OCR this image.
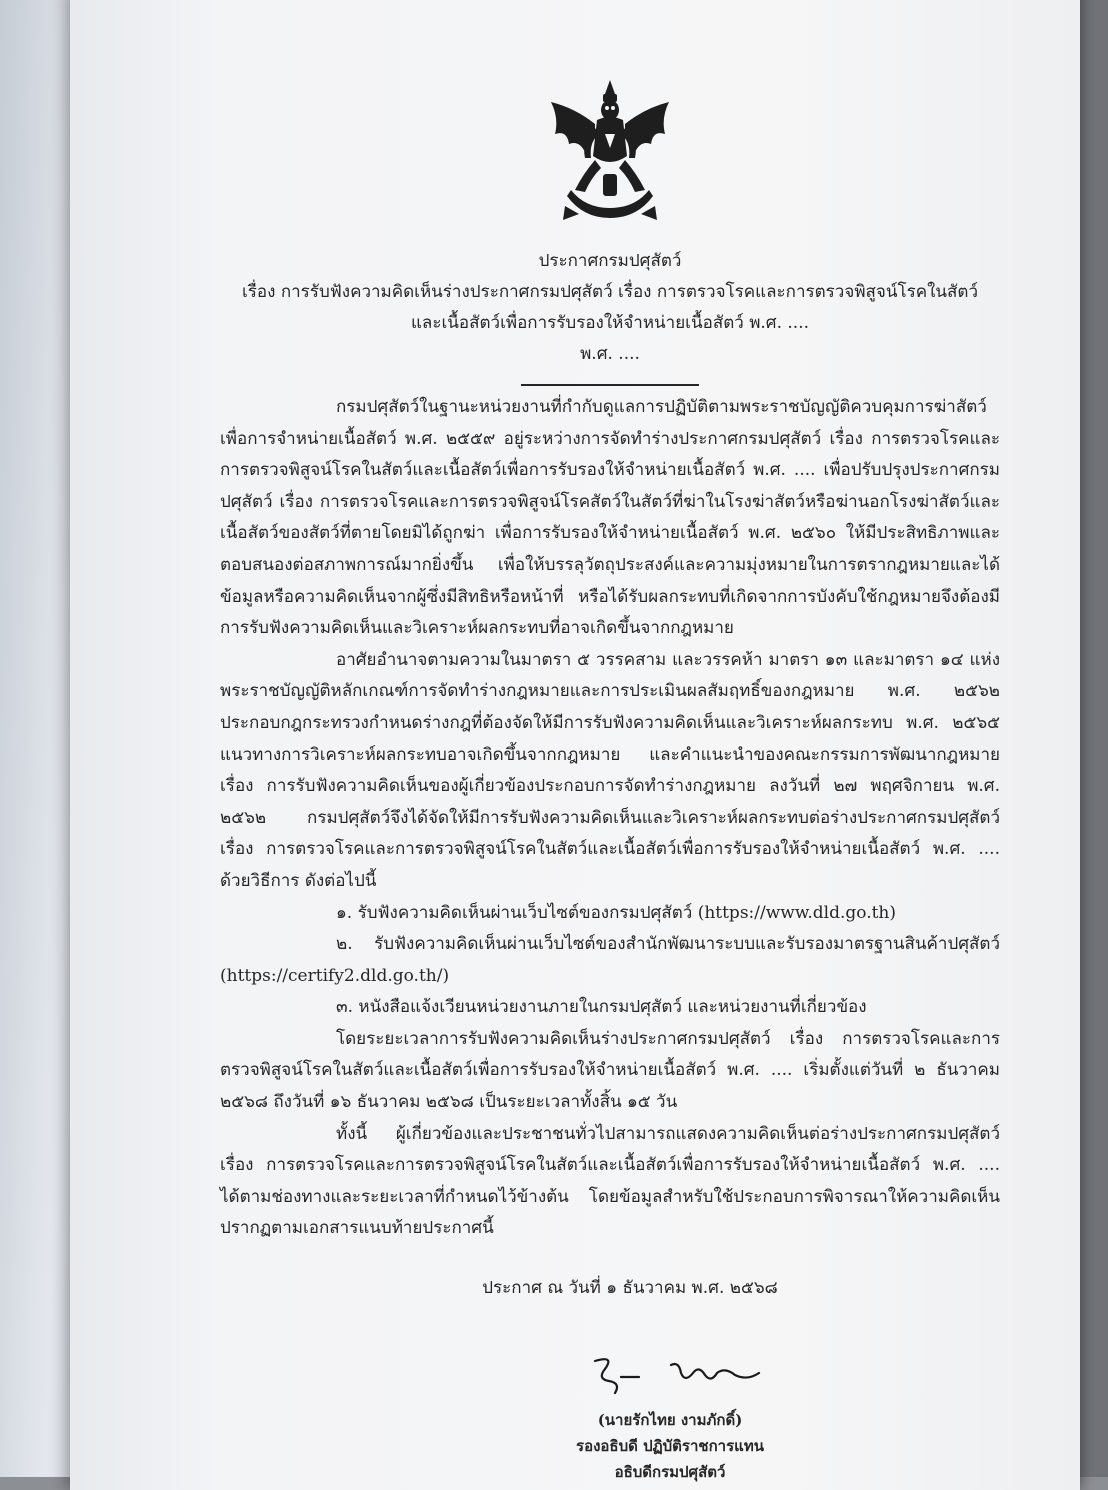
ประกาศกรมปศุสัตว์
เรื่อง การรับฟังความคิดเห็นร่างประกาศกรมปศุสัตว์ เรื่อง การตรวจโรคและการตรวจพิสูจน์โรคในสัตว์
และเนื้อสัตว์เพื่อการรับรองให้จำหน่ายเนื้อสัตว์ พ.ศ. ....
พ.ศ. ....

กรมปศุสัตว์ในฐานะหน่วยงานที่กำกับดูแลการปฏิบัติตามพระราชบัญญัติควบคุมการฆ่าสัตว์เพื่อการจำหน่ายเนื้อสัตว์ พ.ศ. ๒๕๕๙ อยู่ระหว่างการจัดทำร่างประกาศกรมปศุสัตว์ เรื่อง การตรวจโรคและการตรวจพิสูจน์โรคในสัตว์และเนื้อสัตว์เพื่อการรับรองให้จำหน่ายเนื้อสัตว์ พ.ศ. .... เพื่อปรับปรุงประกาศกรมปศุสัตว์ เรื่อง การตรวจโรคและการตรวจพิสูจน์โรคสัตว์ในสัตว์ที่ฆ่าในโรงฆ่าสัตว์หรือฆ่านอกโรงฆ่าสัตว์และเนื้อสัตว์ของสัตว์ที่ตายโดยมิได้ถูกฆ่า เพื่อการรับรองให้จำหน่ายเนื้อสัตว์ พ.ศ. ๒๕๖๐ ให้มีประสิทธิภาพและตอบสนองต่อสภาพการณ์มากยิ่งขึ้น เพื่อให้บรรลุวัตถุประสงค์และความมุ่งหมายในการตรากฎหมายและได้ข้อมูลหรือความคิดเห็นจากผู้ซึ่งมีสิทธิหรือหน้าที่ หรือได้รับผลกระทบที่เกิดจากการบังคับใช้กฎหมายจึงต้องมีการรับฟังความคิดเห็นและวิเคราะห์ผลกระทบที่อาจเกิดขึ้นจากกฎหมาย

อาศัยอำนาจตามความในมาตรา ๕ วรรคสาม และวรรคห้า มาตรา ๑๓ และมาตรา ๑๔ แห่งพระราชบัญญัติหลักเกณฑ์การจัดทำร่างกฎหมายและการประเมินผลสัมฤทธิ์ของกฎหมาย พ.ศ. ๒๕๖๒ ประกอบกฎกระทรวงกำหนดร่างกฎที่ต้องจัดให้มีการรับฟังความคิดเห็นและวิเคราะห์ผลกระทบ พ.ศ. ๒๕๖๕ แนวทางการวิเคราะห์ผลกระทบอาจเกิดขึ้นจากกฎหมาย และคำแนะนำของคณะกรรมการพัฒนากฎหมาย เรื่อง การรับฟังความคิดเห็นของผู้เกี่ยวข้องประกอบการจัดทำร่างกฎหมาย ลงวันที่ ๒๗ พฤศจิกายน พ.ศ. ๒๕๖๒ กรมปศุสัตว์จึงได้จัดให้มีการรับฟังความคิดเห็นและวิเคราะห์ผลกระทบต่อร่างประกาศกรมปศุสัตว์ เรื่อง การตรวจโรคและการตรวจพิสูจน์โรคในสัตว์และเนื้อสัตว์เพื่อการรับรองให้จำหน่ายเนื้อสัตว์ พ.ศ. .... ด้วยวิธีการ ดังต่อไปนี้

๑. รับฟังความคิดเห็นผ่านเว็บไซต์ของกรมปศุสัตว์ (https://www.dld.go.th)

๒. รับฟังความคิดเห็นผ่านเว็บไซต์ของสำนักพัฒนาระบบและรับรองมาตรฐานสินค้าปศุสัตว์ (https://certify2.dld.go.th/)

๓. หนังสือแจ้งเวียนหน่วยงานภายในกรมปศุสัตว์ และหน่วยงานที่เกี่ยวข้อง

โดยระยะเวลาการรับฟังความคิดเห็นร่างประกาศกรมปศุสัตว์ เรื่อง การตรวจโรคและการตรวจพิสูจน์โรคในสัตว์และเนื้อสัตว์เพื่อการรับรองให้จำหน่ายเนื้อสัตว์ พ.ศ. .... เริ่มตั้งแต่วันที่ ๒ ธันวาคม ๒๕๖๘ ถึงวันที่ ๑๖ ธันวาคม ๒๕๖๘ เป็นระยะเวลาทั้งสิ้น ๑๕ วัน

ทั้งนี้ ผู้เกี่ยวข้องและประชาชนทั่วไปสามารถแสดงความคิดเห็นต่อร่างประกาศกรมปศุสัตว์ เรื่อง การตรวจโรคและการตรวจพิสูจน์โรคในสัตว์และเนื้อสัตว์เพื่อการรับรองให้จำหน่ายเนื้อสัตว์ พ.ศ. .... ได้ตามช่องทางและระยะเวลาที่กำหนดไว้ข้างต้น โดยข้อมูลสำหรับใช้ประกอบการพิจารณาให้ความคิดเห็นปรากฏตามเอกสารแนบท้ายประกาศนี้

ประกาศ ณ วันที่ ๑ ธันวาคม พ.ศ. ๒๕๖๘
(นายรักไทย งามภักดิ์)
รองอธิบดี ปฏิบัติราชการแทน
อธิบดีกรมปศุสัตว์
